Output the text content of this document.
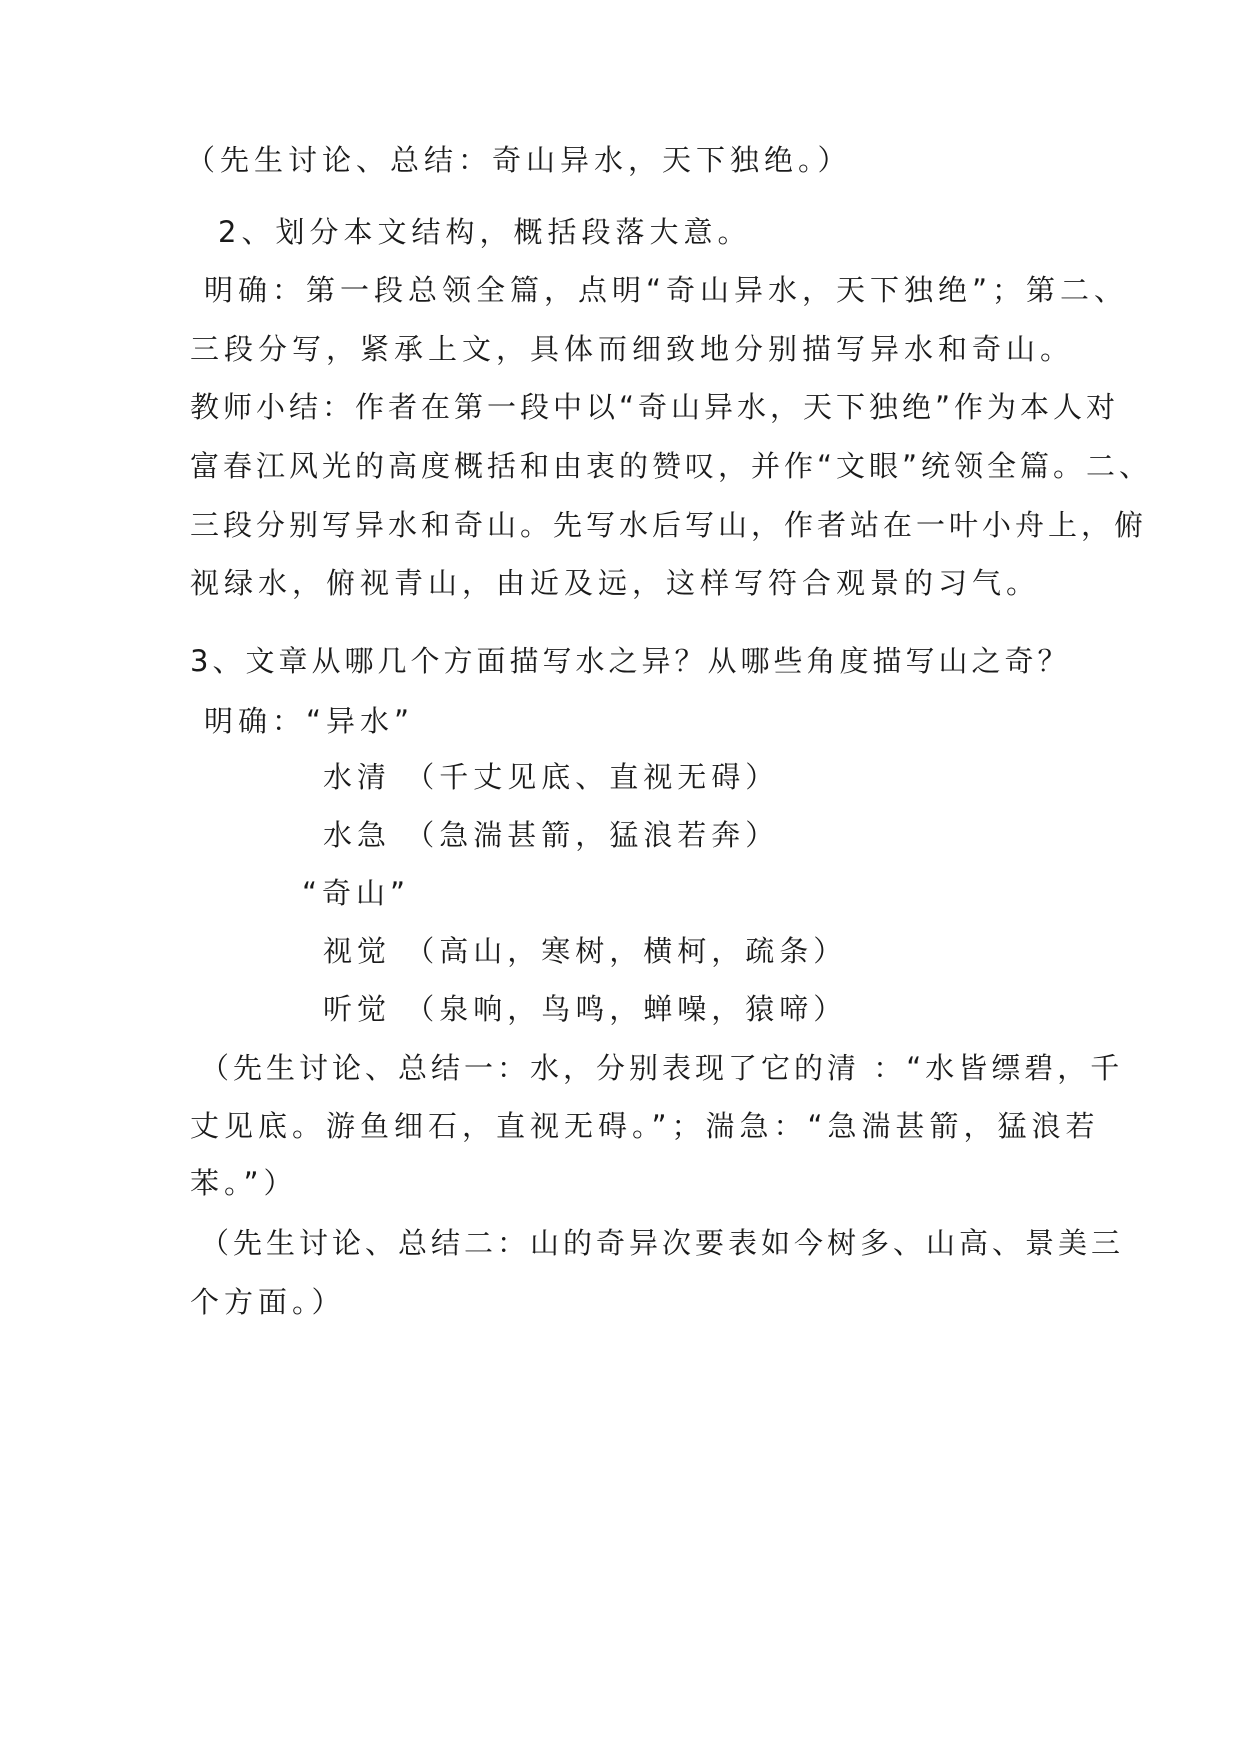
（先生讨论、总结：奇山异水，天下独绝。）

2、划分本文结构，概括段落大意。

明确：第一段总领全篇，点明“奇山异水，天下独绝”；第二、

三段分写，紧承上文，具体而细致地分别描写异水和奇山。

教师小结：作者在第一段中以“奇山异水，天下独绝”作为本人对

富春江风光的高度概括和由衷的赞叹，并作“文眼”统领全篇。二、

三段分别写异水和奇山。先写水后写山，作者站在一叶小舟上，俯

视绿水，俯视青山，由近及远，这样写符合观景的习气。

3、文章从哪几个方面描写水之异？从哪些角度描写山之奇？

明确：“异水”

水清 （千丈见底、直视无碍）

水急 （急湍甚箭，猛浪若奔）

“奇山”

视觉 （高山，寒树，横柯，疏条）

听觉 （泉响，鸟鸣，蝉噪，猿啼）

（先生讨论、总结一：水，分别表现了它的清 ：“水皆缥碧，千

丈见底。游鱼细石，直视无碍。”；湍急：“急湍甚箭，猛浪若

苯。”）

（先生讨论、总结二：山的奇异次要表如今树多、山高、景美三

个方面。）
